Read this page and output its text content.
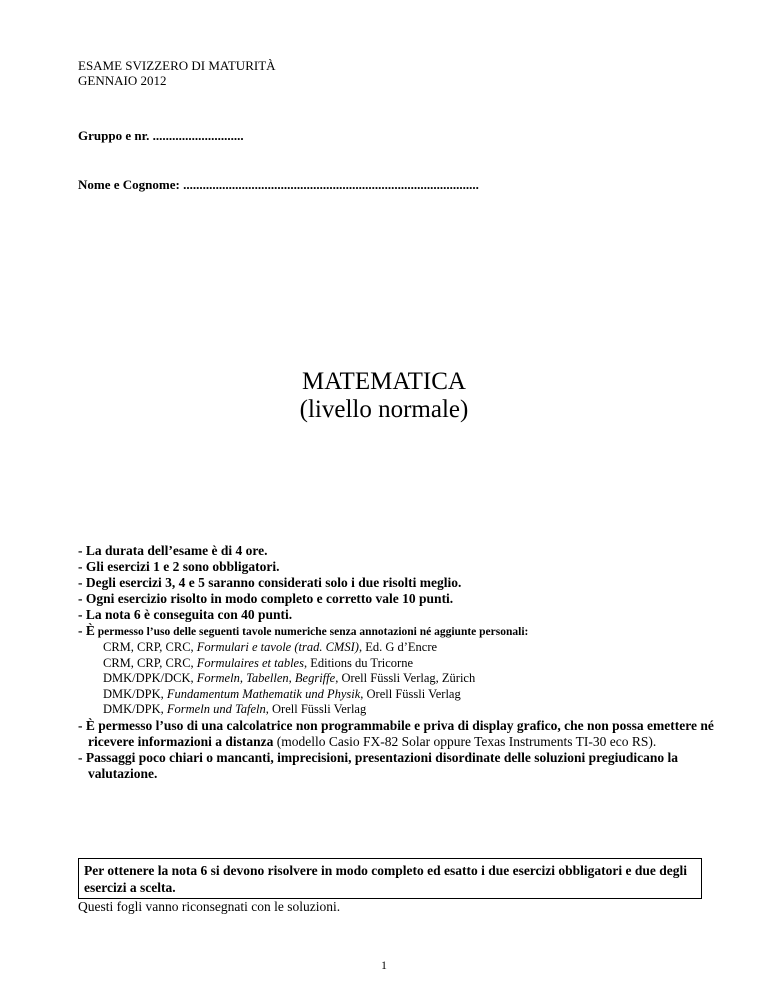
ESAME SVIZZERO DI MATURITÀ
GENNAIO 2012
Gruppo e nr. ............................
Nome e Cognome: ...........................................................................................
MATEMATICA
(livello normale)

- La durata dell’esame è di 4 ore.

- Gli esercizi 1 e 2 sono obbligatori.

- Degli esercizi 3, 4 e 5 saranno considerati solo i due risolti meglio.

- Ogni esercizio risolto in modo completo e corretto vale 10 punti.

- La nota 6 è conseguita con 40 punti.

- È permesso l’uso delle seguenti tavole numeriche senza annotazioni né aggiunte personali:

CRM, CRP, CRC, Formulari e tavole (trad. CMSI), Ed. G d’Encre
CRM, CRP, CRC, Formulaires et tables, Editions du Tricorne
DMK/DPK/DCK, Formeln, Tabellen, Begriffe, Orell Füssli Verlag, Zürich
DMK/DPK, Fundamentum Mathematik und Physik, Orell Füssli Verlag
DMK/DPK, Formeln und Tafeln, Orell Füssli Verlag

- È permesso l’uso di una calcolatrice non programmabile e priva di display grafico, che non possa emettere né ricevere informazioni a distanza (modello Casio FX-82 Solar oppure Texas Instruments TI-30 eco RS).

- Passaggi poco chiari o mancanti, imprecisioni, presentazioni disordinate delle soluzioni pregiudicano la valutazione.

Per ottenere la nota 6 si devono risolvere in modo completo ed esatto i due esercizi obbligatori e due degli esercizi a scelta.
Questi fogli vanno riconsegnati con le soluzioni.
1
